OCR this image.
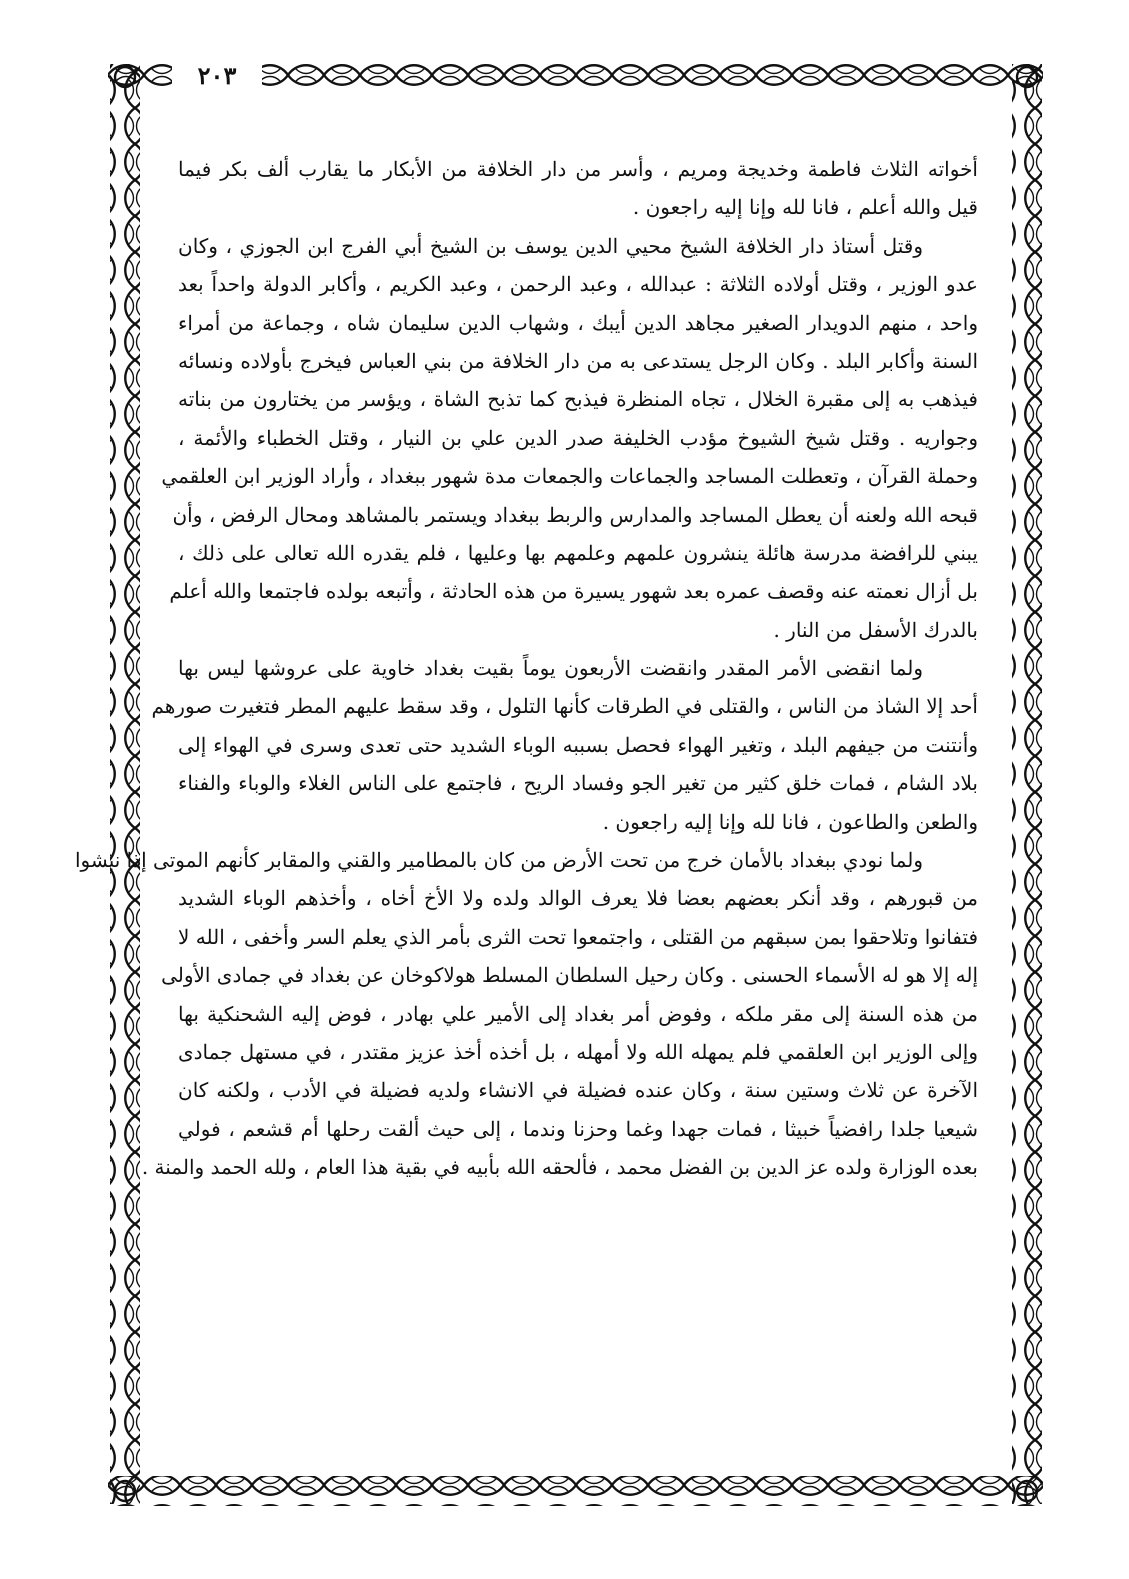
٢٠٣
أخواته الثلاث فاطمة وخديجة ومريم ، وأسر من دار الخلافة من الأبكار ما يقارب ألف بكر فيما
قيل والله أعلم ، فانا لله وإنا إليه راجعون .
وقتل أستاذ دار الخلافة الشيخ محيي الدين يوسف بن الشيخ أبي الفرج ابن الجوزي ، وكان
عدو الوزير ، وقتل أولاده الثلاثة : عبدالله ، وعبد الرحمن ، وعبد الكريم ، وأكابر الدولة واحداً بعد
واحد ، منهم الدويدار الصغير مجاهد الدين أيبك ، وشهاب الدين سليمان شاه ، وجماعة من أمراء
السنة وأكابر البلد . وكان الرجل يستدعى به من دار الخلافة من بني العباس فيخرج بأولاده ونسائه
فيذهب به إلى مقبرة الخلال ، تجاه المنظرة فيذبح كما تذبح الشاة ، ويؤسر من يختارون من بناته
وجواريه . وقتل شيخ الشيوخ مؤدب الخليفة صدر الدين علي بن النيار ، وقتل الخطباء والأئمة ،
وحملة القرآن ، وتعطلت المساجد والجماعات والجمعات مدة شهور ببغداد ، وأراد الوزير ابن العلقمي
قبحه الله ولعنه أن يعطل المساجد والمدارس والربط ببغداد ويستمر بالمشاهد ومحال الرفض ، وأن
يبني للرافضة مدرسة هائلة ينشرون علمهم وعلمهم بها وعليها ، فلم يقدره الله تعالى على ذلك ،
بل أزال نعمته عنه وقصف عمره بعد شهور يسيرة من هذه الحادثة ، وأتبعه بولده فاجتمعا والله أعلم
بالدرك الأسفل من النار .
ولما انقضى الأمر المقدر وانقضت الأربعون يوماً بقيت بغداد خاوية على عروشها ليس بها
أحد إلا الشاذ من الناس ، والقتلى في الطرقات كأنها التلول ، وقد سقط عليهم المطر فتغيرت صورهم
وأنتنت من جيفهم البلد ، وتغير الهواء فحصل بسببه الوباء الشديد حتى تعدى وسرى في الهواء إلى
بلاد الشام ، فمات خلق كثير من تغير الجو وفساد الريح ، فاجتمع على الناس الغلاء والوباء والفناء
والطعن والطاعون ، فانا لله وإنا إليه راجعون .
ولما نودي ببغداد بالأمان خرج من تحت الأرض من كان بالمطامير والقني والمقابر كأنهم الموتى إذا نبشوا
من قبورهم ، وقد أنكر بعضهم بعضا فلا يعرف الوالد ولده ولا الأخ أخاه ، وأخذهم الوباء الشديد
فتفانوا وتلاحقوا بمن سبقهم من القتلى ، واجتمعوا تحت الثرى بأمر الذي يعلم السر وأخفى ، الله لا
إله إلا هو له الأسماء الحسنى . وكان رحيل السلطان المسلط هولاكوخان عن بغداد في جمادى الأولى
من هذه السنة إلى مقر ملكه ، وفوض أمر بغداد إلى الأمير علي بهادر ، فوض إليه الشحنكية بها
وإلى الوزير ابن العلقمي فلم يمهله الله ولا أمهله ، بل أخذه أخذ عزيز مقتدر ، في مستهل جمادى
الآخرة عن ثلاث وستين سنة ، وكان عنده فضيلة في الانشاء ولديه فضيلة في الأدب ، ولكنه كان
شيعيا جلدا رافضياً خبيثا ، فمات جهدا وغما وحزنا وندما ، إلى حيث ألقت رحلها أم قشعم ، فولي
بعده الوزارة ولده عز الدين بن الفضل محمد ، فألحقه الله بأبيه في بقية هذا العام ، ولله الحمد والمنة .
